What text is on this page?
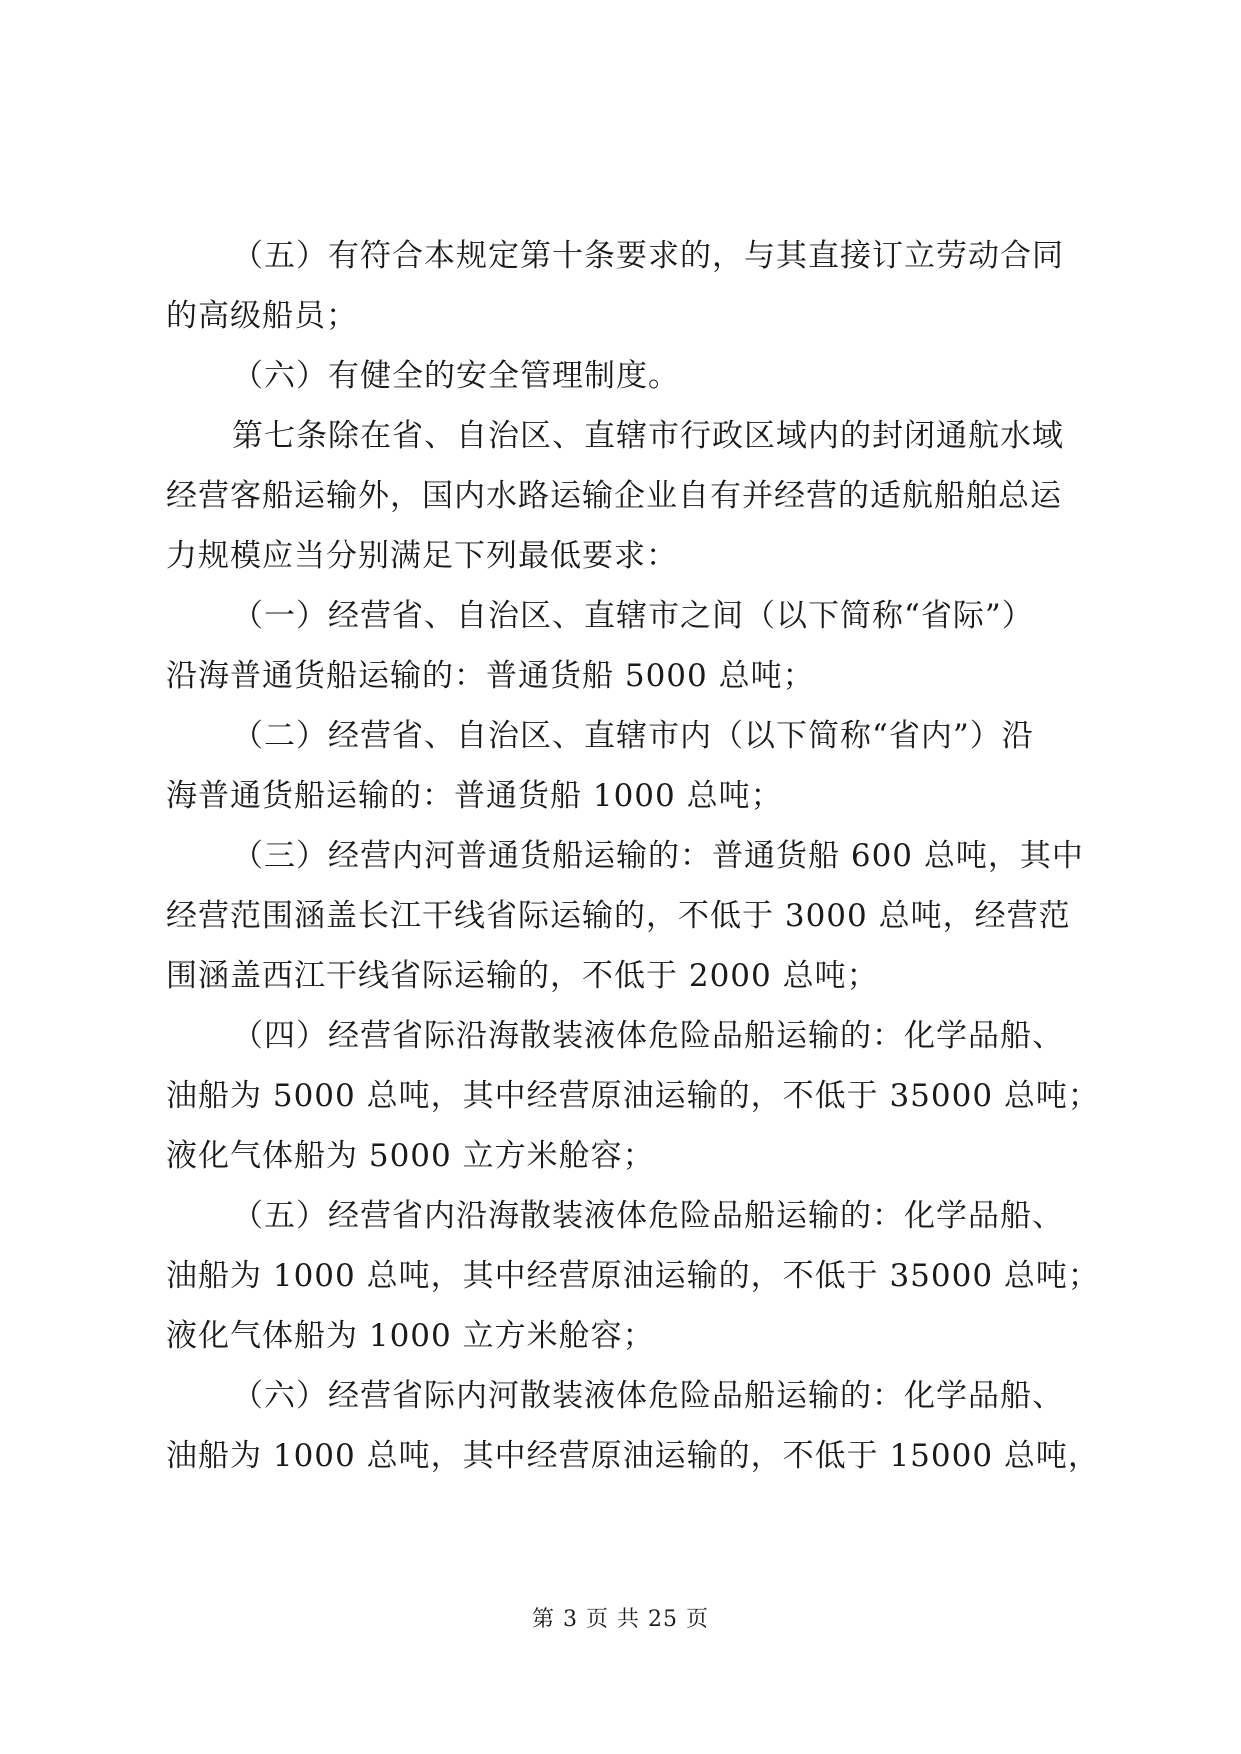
（五）有符合本规定第十条要求的，与其直接订立劳动合同
的高级船员；
（六）有健全的安全管理制度。
第七条除在省、自治区、直辖市行政区域内的封闭通航水域
经营客船运输外，国内水路运输企业自有并经营的适航船舶总运
力规模应当分别满足下列最低要求：
（一）经营省、自治区、直辖市之间（以下简称“省际”）
沿海普通货船运输的：普通货船 5000 总吨；
（二）经营省、自治区、直辖市内（以下简称“省内”）沿
海普通货船运输的：普通货船 1000 总吨；
（三）经营内河普通货船运输的：普通货船 600 总吨，其中
经营范围涵盖长江干线省际运输的，不低于 3000 总吨，经营范
围涵盖西江干线省际运输的，不低于 2000 总吨；
（四）经营省际沿海散装液体危险品船运输的：化学品船、
油船为 5000 总吨，其中经营原油运输的，不低于 35000 总吨；
液化气体船为 5000 立方米舱容；
（五）经营省内沿海散装液体危险品船运输的：化学品船、
油船为 1000 总吨，其中经营原油运输的，不低于 35000 总吨；
液化气体船为 1000 立方米舱容；
（六）经营省际内河散装液体危险品船运输的：化学品船、
油船为 1000 总吨，其中经营原油运输的，不低于 15000 总吨，
第 3 页 共 25 页
